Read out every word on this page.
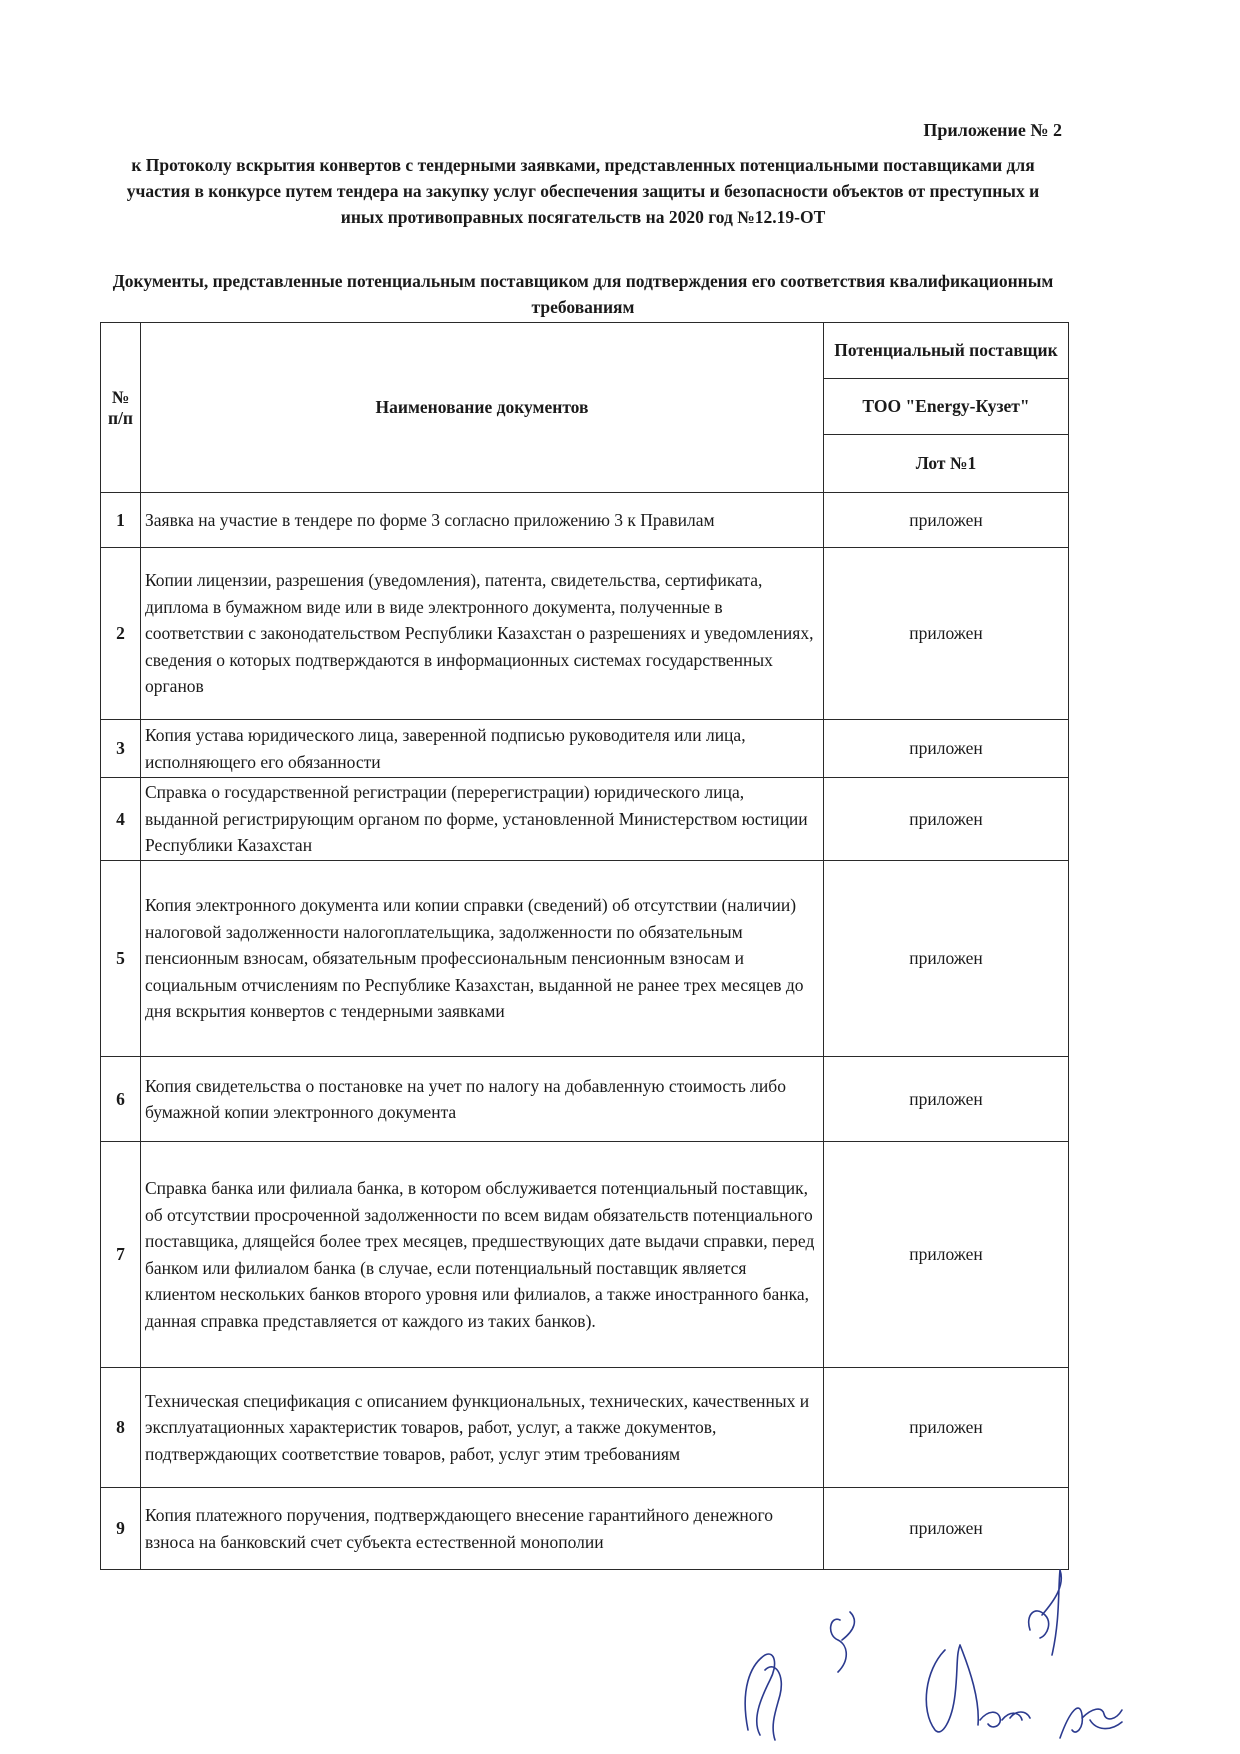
Приложение № 2
к Протоколу вскрытия конвертов с тендерными заявками, представленных потенциальными поставщиками для участия в конкурсе путем тендера на закупку услуг обеспечения защиты и безопасности объектов от преступных и иных противоправных посягательств на 2020 год №12.19-ОТ
Документы, представленные потенциальным поставщиком для подтверждения его соответствия квалификационным требованиям
№ п/п	Наименование документов	Потенциальный поставщик
		ТОО "Energy-Кузет"
		Лот №1
1	Заявка на участие в тендере по форме 3 согласно приложению 3 к Правилам	приложен
2	Копии лицензии, разрешения (уведомления), патента, свидетельства, сертификата, диплома в бумажном виде или в виде электронного документа, полученные в соответствии с законодательством Республики Казахстан о разрешениях и уведомлениях, сведения о которых подтверждаются в информационных системах государственных органов	приложен
3	Копия устава юридического лица, заверенной подписью руководителя или лица, исполняющего его обязанности	приложен
4	Справка о государственной регистрации (перерегистрации) юридического лица, выданной регистрирующим органом по форме, установленной Министерством юстиции Республики Казахстан	приложен
5	Копия электронного документа или копии справки (сведений) об отсутствии (наличии) налоговой задолженности налогоплательщика, задолженности по обязательным пенсионным взносам, обязательным профессиональным пенсионным взносам и социальным отчислениям по Республике Казахстан, выданной не ранее трех месяцев до дня вскрытия конвертов с тендерными заявками	приложен
6	Копия свидетельства о постановке на учет по налогу на добавленную стоимость либо бумажной копии электронного документа	приложен
7	Справка банка или филиала банка, в котором обслуживается потенциальный поставщик, об отсутствии просроченной задолженности по всем видам обязательств потенциального поставщика, длящейся более трех месяцев, предшествующих дате выдачи справки, перед банком или филиалом банка (в случае, если потенциальный поставщик является клиентом нескольких банков второго уровня или филиалов, а также иностранного банка, данная справка представляется от каждого из таких банков).	приложен
8	Техническая спецификация с описанием функциональных, технических, качественных и эксплуатационных характеристик товаров, работ, услуг, а также документов, подтверждающих соответствие товаров, работ, услуг этим требованиям	приложен
9	Копия платежного поручения, подтверждающего внесение гарантийного денежного взноса на банковский счет субъекта естественной монополии	приложен
